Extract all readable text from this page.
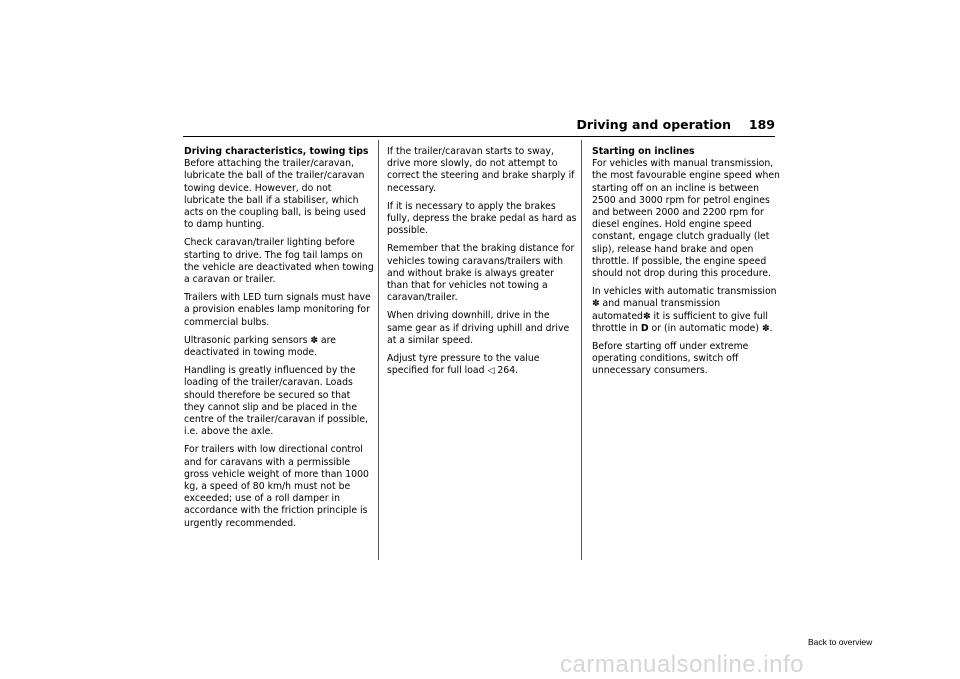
Driving and operation 189

Driving characteristics, towing tips
Before attaching the trailer/caravan, lubricate the ball of the trailer/caravan towing device. However, do not lubricate the ball if a stabiliser, which acts on the coupling ball, is being used to damp hunting.

Check caravan/trailer lighting before starting to drive. The fog tail lamps on the vehicle are deactivated when towing a caravan or trailer.

Trailers with LED turn signals must have a provision enables lamp monitoring for commercial bulbs.

Ultrasonic parking sensors ✽ are deactivated in towing mode.

Handling is greatly influenced by the loading of the trailer/caravan. Loads should therefore be secured so that they cannot slip and be placed in the centre of the trailer/caravan if possible, i.e. above the axle.

For trailers with low directional control and for caravans with a permissible gross vehicle weight of more than 1000 kg, a speed of 80 km/h must not be exceeded; use of a roll damper in accordance with the friction principle is urgently recommended.

If the trailer/caravan starts to sway, drive more slowly, do not attempt to correct the steering and brake sharply if necessary.

If it is necessary to apply the brakes fully, depress the brake pedal as hard as possible.

Remember that the braking distance for vehicles towing caravans/trailers with and without brake is always greater than that for vehicles not towing a caravan/trailer.

When driving downhill, drive in the same gear as if driving uphill and drive at a similar speed.

Adjust tyre pressure to the value specified for full load ◁ 264.

Starting on inclines
For vehicles with manual transmission, the most favourable engine speed when starting off on an incline is between 2500 and 3000 rpm for petrol engines and between 2000 and 2200 rpm for diesel engines. Hold engine speed constant, engage clutch gradually (let slip), release hand brake and open throttle. If possible, the engine speed should not drop during this procedure.

In vehicles with automatic transmission ✽ and manual transmission automated✽ it is sufficient to give full throttle in D or (in automatic mode) ✽.

Before starting off under extreme operating conditions, switch off unnecessary consumers.

Back to overview
carmanualsonline.info
